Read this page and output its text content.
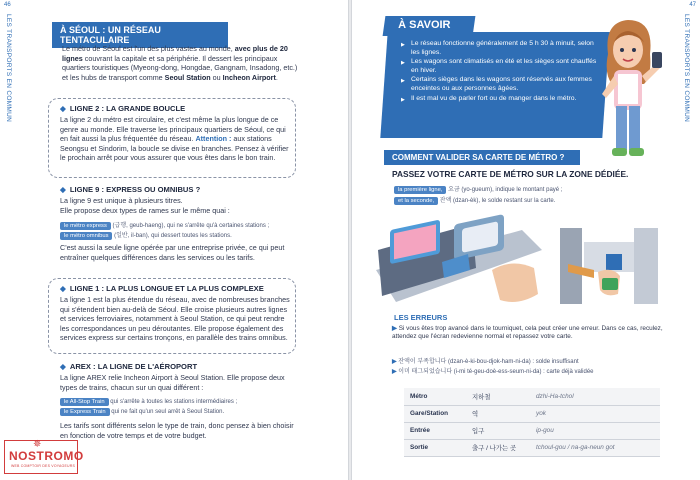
46
LES TRANSPORTS EN COMMUN	À SÉOUL : UN RÉSEAU TENTACULAIRE

Le métro de Séoul est l'un des plus vastes au monde, avec plus de 20 lignes couvrant la capitale et sa périphérie. Il dessert les principaux quartiers touristiques (Myeong-dong, Hongdae, Gangnam, Insadong, etc.) et les hubs de transport comme Seoul Station ou Incheon Airport.

◆ LIGNE 2 : LA GRANDE BOUCLE

La ligne 2 du métro est circulaire, et c'est même la plus longue de ce genre au monde. Elle traverse les principaux quartiers de Séoul, ce qui en fait aussi la plus fréquentée du réseau. Attention : aux stations Seongsu et Sindorim, la boucle se divise en branches. Pensez à vérifier le prochain arrêt pour vous assurer que vous êtes dans le bon train.

◆ LIGNE 9 : EXPRESS OU OMNIBUS ?

La ligne 9 est unique à plusieurs titres.
Elle propose deux types de rames sur le même quai :

le métro express (급행, geub-haeng), qui ne s'arrête qu'à certaines stations ;
le métro omnibus (일반, il-ban), qui dessert toutes les stations.

C'est aussi la seule ligne opérée par une entreprise privée, ce qui peut entraîner quelques différences dans les services ou les tarifs.

◆ LIGNE 1 : LA PLUS LONGUE ET LA PLUS COMPLEXE

La ligne 1 est la plus étendue du réseau, avec de nombreuses branches qui s'étendent bien au-delà de Séoul. Elle croise plusieurs autres lignes et services ferroviaires, notamment à Seoul Station, ce qui peut rendre les correspondances un peu déroutantes. Elle propose également des services express sur certains tronçons, en parallèle des trains omnibus.

◆ AREX : LA LIGNE DE L'AÉROPORT

La ligne AREX relie Incheon Airport à Seoul Station. Elle propose deux types de trains, chacun sur un quai différent :

le All-Stop Train qui s'arrête à toutes les stations intermédiaires ;
le Express Train qui ne fait qu'un seul arrêt à Seoul Station.

Les tarifs sont différents selon le type de train, donc pensez à bien choisir en fonction de votre temps et de votre budget.

✵
NOSTROMO
WEB COMPTOIR DES VOYAGEURS
47
LES TRANSPORTS EN COMMUN
▶ Le réseau fonctionne généralement de 5 h 30 à minuit, selon les lignes.
▶ Les wagons sont climatisés en été et les sièges sont chauffés en hiver.
▶ Certains sièges dans les wagons sont réservés aux femmes enceintes ou aux personnes âgées.
▶ Il est mal vu de parler fort ou de manger dans le métro.
À SAVOIR
COMMENT VALIDER SA CARTE DE MÉTRO ?
PASSEZ VOTRE CARTE DE MÉTRO SUR LA ZONE DÉDIÉE.
la première ligne, 요금 (yo-gueum), indique le montant payé ;
et la seconde, 잔액 (dzan-èk), le solde restant sur la carte.
LES ERREURS

▶ Si vous êtes trop avancé dans le tourniquet, cela peut créer une erreur. Dans ce cas, reculez, attendez que l'écran redevienne normal et repassez votre carte.

▶ 잔액이 부족합니다 (dzan-è-ki-bou-djok-ham-ni-da) : solde insuffisant
▶ 이미 태그되었습니다 (i-mi té-geu-doè-ess-seum-ni-da) : carte déjà validée
Métro	지하철	dzhi-Ha-tchol
Gare/Station	역	yok
Entrée	입구	ip-gou
Sortie	출구 / 나가는 곳	tchoul-gou / na-ga-neun got
